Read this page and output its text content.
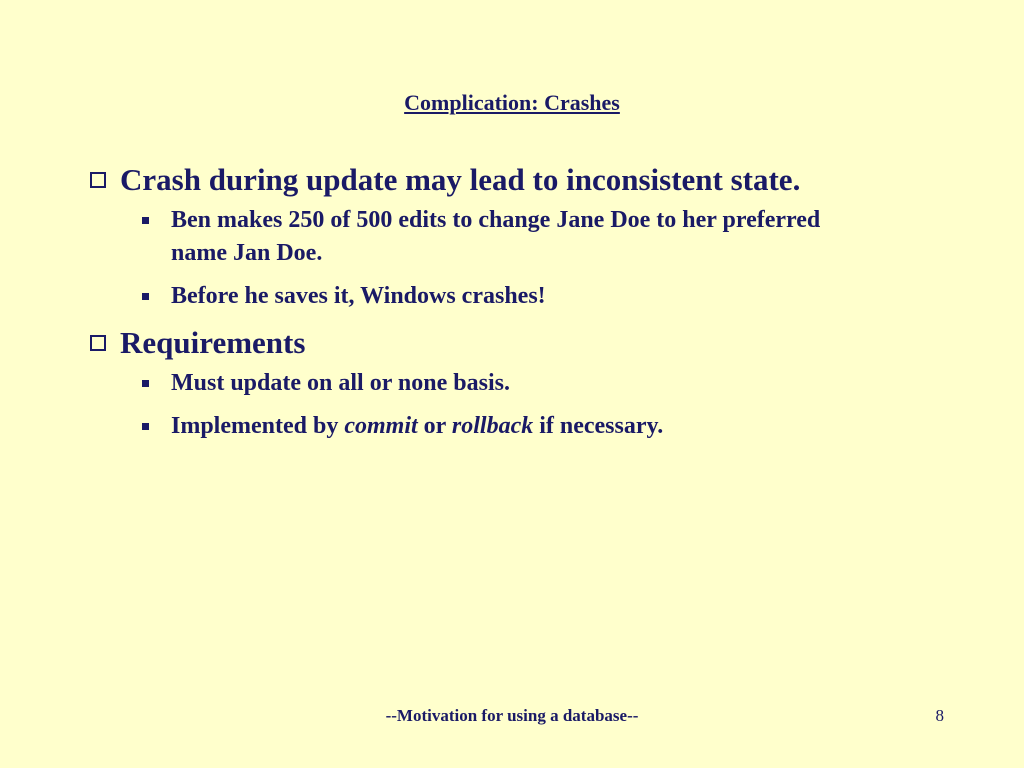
Complication: Crashes
Crash during update may lead to inconsistent state.
Ben makes 250 of 500 edits to change Jane Doe to her preferred name Jan Doe.
Before he saves it, Windows crashes!
Requirements
Must update on all or none basis.
Implemented by commit or rollback if necessary.
--Motivation for using a database--	8
